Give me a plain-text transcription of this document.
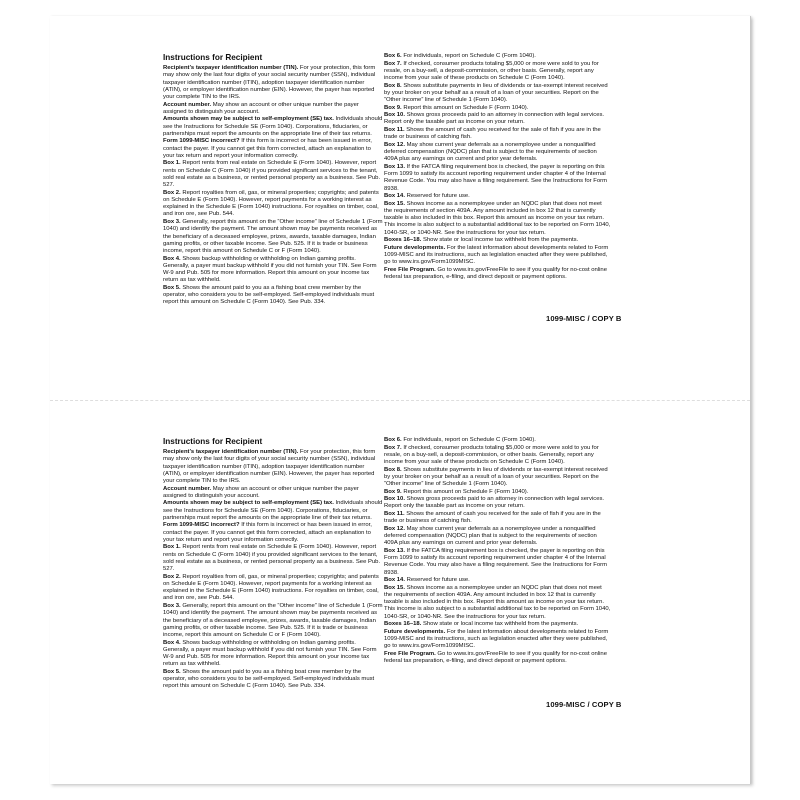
Instructions for Recipient
Recipient’s taxpayer identification number (TIN). For your protection, this form may show only the last four digits of your social security number (SSN), individual taxpayer identification number (ITIN), adoption taxpayer identification number (ATIN), or employer identification number (EIN). However, the payer has reported your complete TIN to the IRS.
Account number. May show an account or other unique number the payer assigned to distinguish your account.
Amounts shown may be subject to self-employment (SE) tax. Individuals should see the Instructions for Schedule SE (Form 1040). Corporations, fiduciaries, or partnerships must report the amounts on the appropriate line of their tax returns.
Form 1099-MISC incorrect? If this form is incorrect or has been issued in error, contact the payer. If you cannot get this form corrected, attach an explanation to your tax return and report your information correctly.
Box 1. Report rents from real estate on Schedule E (Form 1040). However, report rents on Schedule C (Form 1040) if you provided significant services to the tenant, sold real estate as a business, or rented personal property as a business. See Pub. 527.
Box 2. Report royalties from oil, gas, or mineral properties; copyrights; and patents on Schedule E (Form 1040). However, report payments for a working interest as explained in the Schedule E (Form 1040) instructions. For royalties on timber, coal, and iron ore, see Pub. 544.
Box 3. Generally, report this amount on the “Other income” line of Schedule 1 (Form 1040) and identify the payment. The amount shown may be payments received as the beneficiary of a deceased employee, prizes, awards, taxable damages, Indian gaming profits, or other taxable income. See Pub. 525. If it is trade or business income, report this amount on Schedule C or F (Form 1040).
Box 4. Shows backup withholding or withholding on Indian gaming profits. Generally, a payer must backup withhold if you did not furnish your TIN. See Form W-9 and Pub. 505 for more information. Report this amount on your income tax return as tax withheld.
Box 5. Shows the amount paid to you as a fishing boat crew member by the operator, who considers you to be self-employed. Self-employed individuals must report this amount on Schedule C (Form 1040). See Pub. 334.
Box 6. For individuals, report on Schedule C (Form 1040).
Box 7. If checked, consumer products totaling $5,000 or more were sold to you for resale, on a buy-sell, a deposit-commission, or other basis. Generally, report any income from your sale of these products on Schedule C (Form 1040).
Box 8. Shows substitute payments in lieu of dividends or tax-exempt interest received by your broker on your behalf as a result of a loan of your securities. Report on the “Other income” line of Schedule 1 (Form 1040).
Box 9. Report this amount on Schedule F (Form 1040).
Box 10. Shows gross proceeds paid to an attorney in connection with legal services. Report only the taxable part as income on your return.
Box 11. Shows the amount of cash you received for the sale of fish if you are in the trade or business of catching fish.
Box 12. May show current year deferrals as a nonemployee under a nonqualified deferred compensation (NQDC) plan that is subject to the requirements of section 409A plus any earnings on current and prior year deferrals.
Box 13. If the FATCA filing requirement box is checked, the payer is reporting on this Form 1099 to satisfy its account reporting requirement under chapter 4 of the Internal Revenue Code. You may also have a filing requirement. See the Instructions for Form 8938.
Box 14. Reserved for future use.
Box 15. Shows income as a nonemployee under an NQDC plan that does not meet the requirements of section 409A. Any amount included in box 12 that is currently taxable is also included in this box. Report this amount as income on your tax return. This income is also subject to a substantial additional tax to be reported on Form 1040, 1040-SR, or 1040-NR. See the instructions for your tax return.
Boxes 16–18. Show state or local income tax withheld from the payments.
Future developments. For the latest information about developments related to Form 1099-MISC and its instructions, such as legislation enacted after they were published, go to www.irs.gov/Form1099MISC.
Free File Program. Go to www.irs.gov/FreeFile to see if you qualify for no-cost online federal tax preparation, e-filing, and direct deposit or payment options.
1099-MISC / COPY B
Instructions for Recipient
Recipient’s taxpayer identification number (TIN). For your protection, this form may show only the last four digits of your social security number (SSN), individual taxpayer identification number (ITIN), adoption taxpayer identification number (ATIN), or employer identification number (EIN). However, the payer has reported your complete TIN to the IRS.
Account number. May show an account or other unique number the payer assigned to distinguish your account.
Amounts shown may be subject to self-employment (SE) tax. Individuals should see the Instructions for Schedule SE (Form 1040). Corporations, fiduciaries, or partnerships must report the amounts on the appropriate line of their tax returns.
Form 1099-MISC incorrect? If this form is incorrect or has been issued in error, contact the payer. If you cannot get this form corrected, attach an explanation to your tax return and report your information correctly.
Box 1. Report rents from real estate on Schedule E (Form 1040). However, report rents on Schedule C (Form 1040) if you provided significant services to the tenant, sold real estate as a business, or rented personal property as a business. See Pub. 527.
Box 2. Report royalties from oil, gas, or mineral properties; copyrights; and patents on Schedule E (Form 1040). However, report payments for a working interest as explained in the Schedule E (Form 1040) instructions. For royalties on timber, coal, and iron ore, see Pub. 544.
Box 3. Generally, report this amount on the “Other income” line of Schedule 1 (Form 1040) and identify the payment. The amount shown may be payments received as the beneficiary of a deceased employee, prizes, awards, taxable damages, Indian gaming profits, or other taxable income. See Pub. 525. If it is trade or business income, report this amount on Schedule C or F (Form 1040).
Box 4. Shows backup withholding or withholding on Indian gaming profits. Generally, a payer must backup withhold if you did not furnish your TIN. See Form W-9 and Pub. 505 for more information. Report this amount on your income tax return as tax withheld.
Box 5. Shows the amount paid to you as a fishing boat crew member by the operator, who considers you to be self-employed. Self-employed individuals must report this amount on Schedule C (Form 1040). See Pub. 334.
Box 6. For individuals, report on Schedule C (Form 1040).
Box 7. If checked, consumer products totaling $5,000 or more were sold to you for resale, on a buy-sell, a deposit-commission, or other basis. Generally, report any income from your sale of these products on Schedule C (Form 1040).
Box 8. Shows substitute payments in lieu of dividends or tax-exempt interest received by your broker on your behalf as a result of a loan of your securities. Report on the “Other income” line of Schedule 1 (Form 1040).
Box 9. Report this amount on Schedule F (Form 1040).
Box 10. Shows gross proceeds paid to an attorney in connection with legal services. Report only the taxable part as income on your return.
Box 11. Shows the amount of cash you received for the sale of fish if you are in the trade or business of catching fish.
Box 12. May show current year deferrals as a nonemployee under a nonqualified deferred compensation (NQDC) plan that is subject to the requirements of section 409A plus any earnings on current and prior year deferrals.
Box 13. If the FATCA filing requirement box is checked, the payer is reporting on this Form 1099 to satisfy its account reporting requirement under chapter 4 of the Internal Revenue Code. You may also have a filing requirement. See the Instructions for Form 8938.
Box 14. Reserved for future use.
Box 15. Shows income as a nonemployee under an NQDC plan that does not meet the requirements of section 409A. Any amount included in box 12 that is currently taxable is also included in this box. Report this amount as income on your tax return. This income is also subject to a substantial additional tax to be reported on Form 1040, 1040-SR, or 1040-NR. See the instructions for your tax return.
Boxes 16–18. Show state or local income tax withheld from the payments.
Future developments. For the latest information about developments related to Form 1099-MISC and its instructions, such as legislation enacted after they were published, go to www.irs.gov/Form1099MISC.
Free File Program. Go to www.irs.gov/FreeFile to see if you qualify for no-cost online federal tax preparation, e-filing, and direct deposit or payment options.
1099-MISC / COPY B
